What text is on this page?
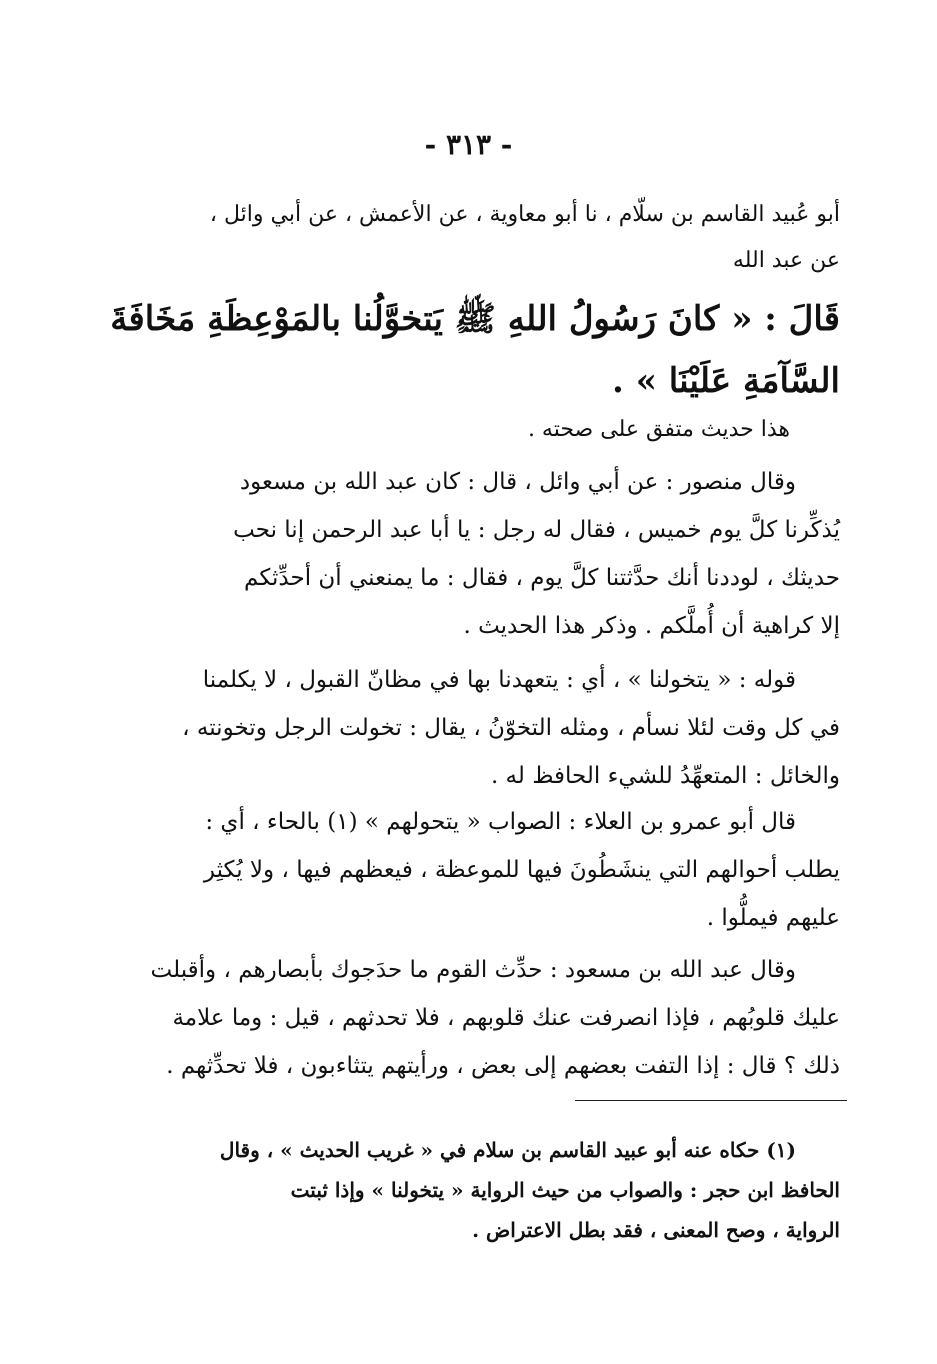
- ٣١٣ -
أبو عُبيد القاسم بن سلّام ، نا أبو معاوية ، عن الأعمش ، عن أبي وائل ،
عن عبد الله
قَالَ : « كانَ رَسُولُ اللهِ ﷺ يَتخوَّلُنا بالمَوْعِظَةِ مَخَافَةَ
السَّآمَةِ عَلَيْنَا » .
هذا حديث متفق على صحته .
وقال منصور : عن أبي وائل ، قال : كان عبد الله بن مسعود
يُذكِّرنا كلَّ يوم خميس ، فقال له رجل : يا أبا عبد الرحمن إنا نحب
حديثك ، لوددنا أنك حدَّثتنا كلَّ يوم ، فقال : ما يمنعني أن أحدِّثكم
إلا كراهية أن أُملَّكم . وذكر هذا الحديث .
قوله : « يتخولنا » ، أي : يتعهدنا بها في مظانّ القبول ، لا يكلمنا
في كل وقت لئلا نسأم ، ومثله التخوّنُ ، يقال : تخولت الرجل وتخونته ،
والخائل : المتعهِّدُ للشيء الحافظ له .
قال أبو عمرو بن العلاء : الصواب « يتحولهم » (١) بالحاء ، أي :
يطلب أحوالهم التي ينشَطُونَ فيها للموعظة ، فيعظهم فيها ، ولا يُكثِر
عليهم فيملُّوا .
وقال عبد الله بن مسعود : حدِّث القوم ما حدَجوك بأبصارهم ، وأقبلت
عليك قلوبُهم ، فإذا انصرفت عنك قلوبهم ، فلا تحدثهم ، قيل : وما علامة
ذلك ؟ قال : إذا التفت بعضهم إلى بعض ، ورأيتهم يتثاءبون ، فلا تحدِّثهم .
(١) حكاه عنه أبو عبيد القاسم بن سلام في « غريب الحديث » ، وقال
الحافظ ابن حجر : والصواب من حيث الرواية « يتخولنا » وإذا ثبتت
الرواية ، وصح المعنى ، فقد بطل الاعتراض .
